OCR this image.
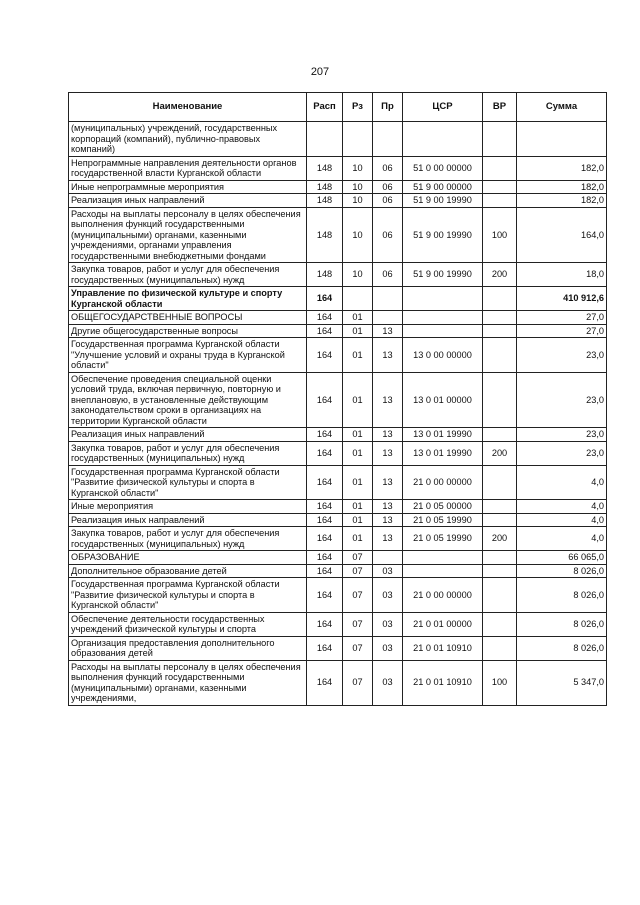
207
Наименование	Расп	Рз	Пр	ЦСР	ВР	Сумма
(муниципальных) учреждений, государственных корпораций (компаний), публично-правовых компаний)						
Непрограммные направления деятельности органов государственной власти Курганской области	148	10	06	51 0 00 00000		182,0
Иные непрограммные мероприятия	148	10	06	51 9 00 00000		182,0
Реализация иных направлений	148	10	06	51 9 00 19990		182,0
Расходы на выплаты персоналу в целях обеспечения выполнения функций государственными (муниципальными) органами, казенными учреждениями, органами управления государственными внебюджетными фондами	148	10	06	51 9 00 19990	100	164,0
Закупка товаров, работ и услуг для обеспечения государственных (муниципальных) нужд	148	10	06	51 9 00 19990	200	18,0
Управление по физической культуре и спорту Курганской области	164					410 912,6
ОБЩЕГОСУДАРСТВЕННЫЕ ВОПРОСЫ	164	01				27,0
Другие общегосударственные вопросы	164	01	13			27,0
Государственная программа Курганской области "Улучшение условий и охраны труда в Курганской области"	164	01	13	13 0 00 00000		23,0
Обеспечение проведения специальной оценки условий труда, включая первичную, повторную и внеплановую, в установленные действующим законодательством сроки в организациях на территории Курганской области	164	01	13	13 0 01 00000		23,0
Реализация иных направлений	164	01	13	13 0 01 19990		23,0
Закупка товаров, работ и услуг для обеспечения государственных (муниципальных) нужд	164	01	13	13 0 01 19990	200	23,0
Государственная программа Курганской области "Развитие физической культуры и спорта в Курганской области"	164	01	13	21 0 00 00000		4,0
Иные мероприятия	164	01	13	21 0 05 00000		4,0
Реализация иных направлений	164	01	13	21 0 05 19990		4,0
Закупка товаров, работ и услуг для обеспечения государственных (муниципальных) нужд	164	01	13	21 0 05 19990	200	4,0
ОБРАЗОВАНИЕ	164	07				66 065,0
Дополнительное образование детей	164	07	03			8 026,0
Государственная программа Курганской области "Развитие физической культуры и спорта в Курганской области"	164	07	03	21 0 00 00000		8 026,0
Обеспечение деятельности государственных учреждений физической культуры и спорта	164	07	03	21 0 01 00000		8 026,0
Организация предоставления дополнительного образования детей	164	07	03	21 0 01 10910		8 026,0
Расходы на выплаты персоналу в целях обеспечения выполнения функций государственными (муниципальными) органами, казенными учреждениями,	164	07	03	21 0 01 10910	100	5 347,0
